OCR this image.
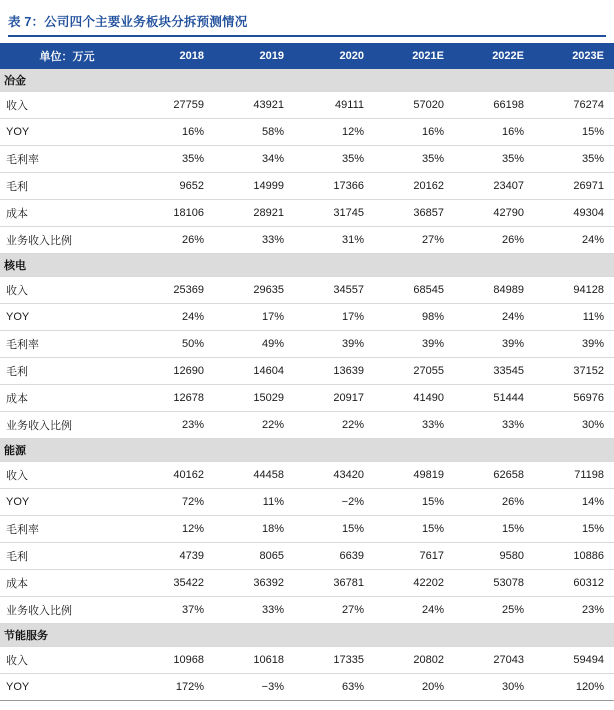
表 7：公司四个主要业务板块分拆预测情况
单位：万元	2018	2019	2020	2021E	2022E	2023E
冶金						
收入	27759	43921	49111	57020	66198	76274
YOY	16%	58%	12%	16%	16%	15%
毛利率	35%	34%	35%	35%	35%	35%
毛利	9652	14999	17366	20162	23407	26971
成本	18106	28921	31745	36857	42790	49304
业务收入比例	26%	33%	31%	27%	26%	24%
核电						
收入	25369	29635	34557	68545	84989	94128
YOY	24%	17%	17%	98%	24%	11%
毛利率	50%	49%	39%	39%	39%	39%
毛利	12690	14604	13639	27055	33545	37152
成本	12678	15029	20917	41490	51444	56976
业务收入比例	23%	22%	22%	33%	33%	30%
能源						
收入	40162	44458	43420	49819	62658	71198
YOY	72%	11%	−2%	15%	26%	14%
毛利率	12%	18%	15%	15%	15%	15%
毛利	4739	8065	6639	7617	9580	10886
成本	35422	36392	36781	42202	53078	60312
业务收入比例	37%	33%	27%	24%	25%	23%
节能服务						
收入	10968	10618	17335	20802	27043	59494
YOY	172%	−3%	63%	20%	30%	120%
